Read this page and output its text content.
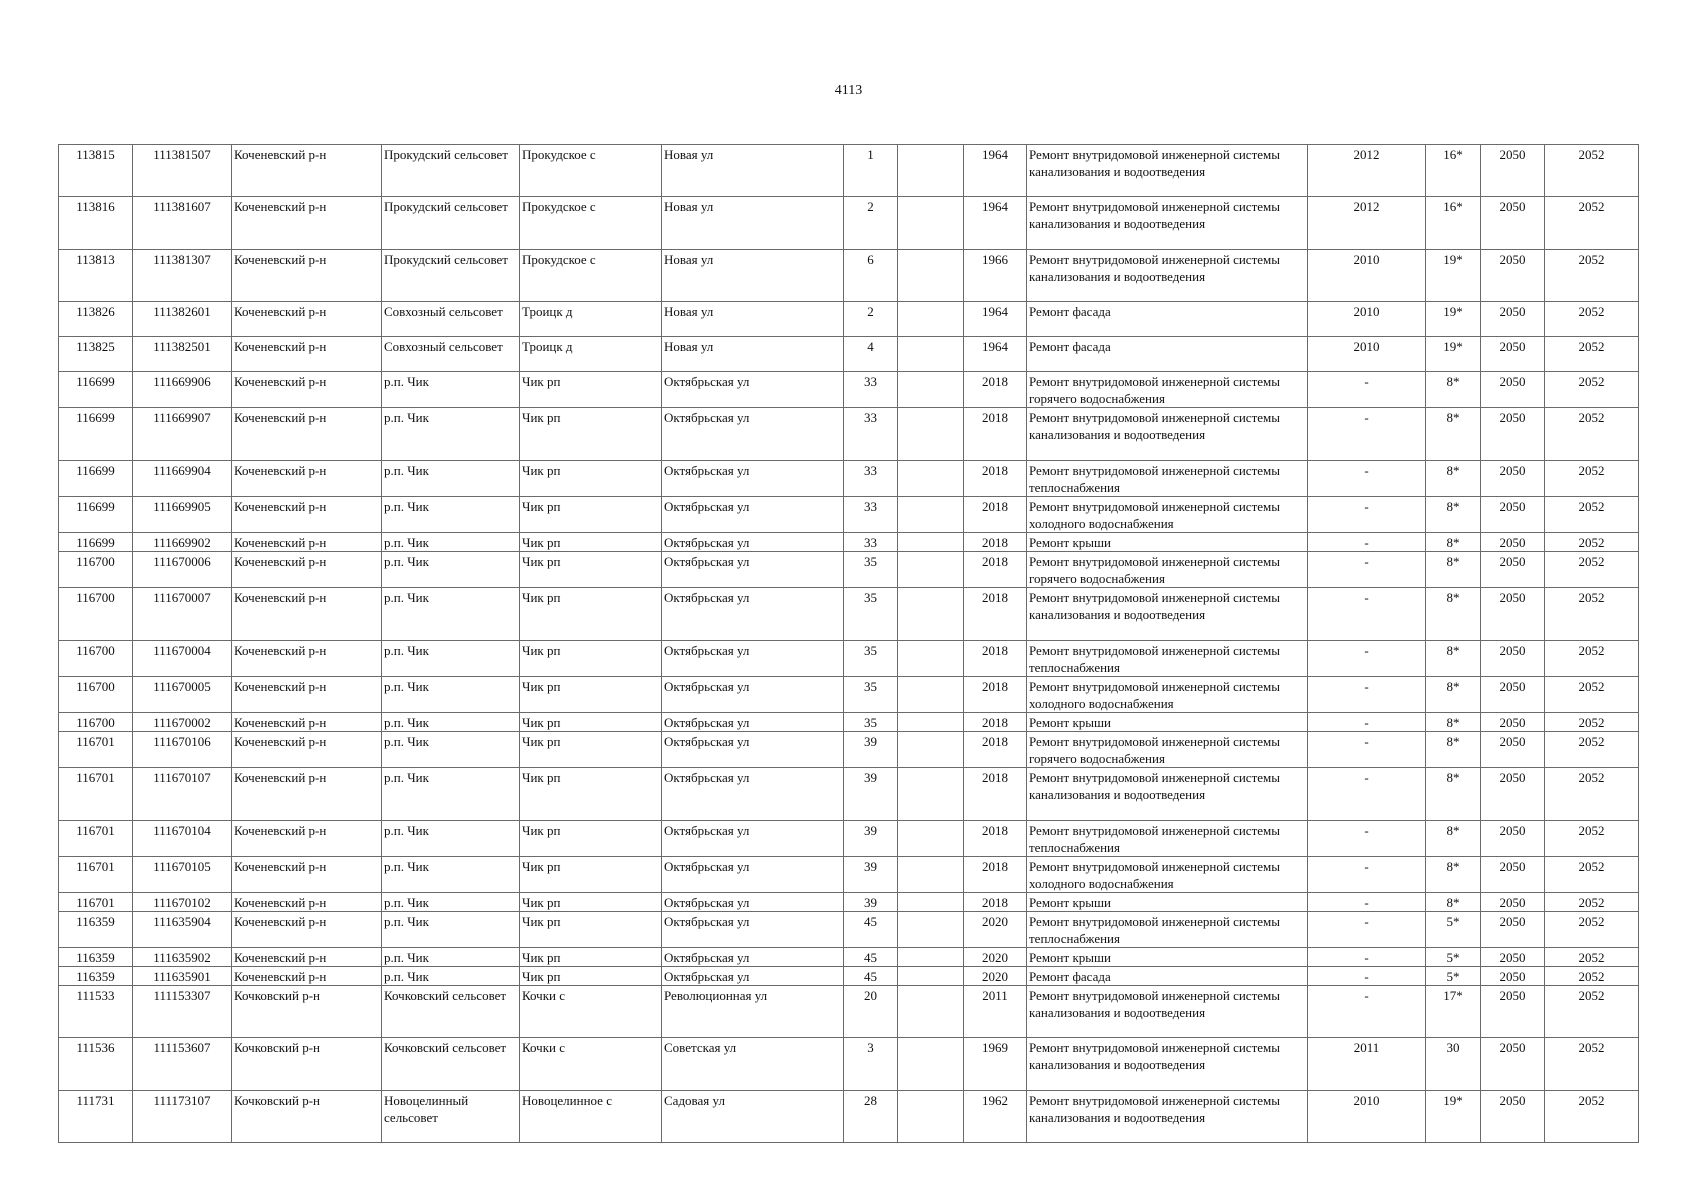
4113
113815	111381507	Коченевский р-н	Прокудский сельсовет	Прокудское с	Новая ул	1		1964	Ремонт внутридомовой инженерной системы канализования и водоотведения	2012	16*	2050	2052
113816	111381607	Коченевский р-н	Прокудский сельсовет	Прокудское с	Новая ул	2		1964	Ремонт внутридомовой инженерной системы канализования и водоотведения	2012	16*	2050	2052
113813	111381307	Коченевский р-н	Прокудский сельсовет	Прокудское с	Новая ул	6		1966	Ремонт внутридомовой инженерной системы канализования и водоотведения	2010	19*	2050	2052
113826	111382601	Коченевский р-н	Совхозный сельсовет	Троицк д	Новая ул	2		1964	Ремонт фасада	2010	19*	2050	2052
113825	111382501	Коченевский р-н	Совхозный сельсовет	Троицк д	Новая ул	4		1964	Ремонт фасада	2010	19*	2050	2052
116699	111669906	Коченевский р-н	р.п. Чик	Чик рп	Октябрьская ул	33		2018	Ремонт внутридомовой инженерной системы горячего водоснабжения	-	8*	2050	2052
116699	111669907	Коченевский р-н	р.п. Чик	Чик рп	Октябрьская ул	33		2018	Ремонт внутридомовой инженерной системы канализования и водоотведения	-	8*	2050	2052
116699	111669904	Коченевский р-н	р.п. Чик	Чик рп	Октябрьская ул	33		2018	Ремонт внутридомовой инженерной системы теплоснабжения	-	8*	2050	2052
116699	111669905	Коченевский р-н	р.п. Чик	Чик рп	Октябрьская ул	33		2018	Ремонт внутридомовой инженерной системы холодного водоснабжения	-	8*	2050	2052
116699	111669902	Коченевский р-н	р.п. Чик	Чик рп	Октябрьская ул	33		2018	Ремонт крыши	-	8*	2050	2052
116700	111670006	Коченевский р-н	р.п. Чик	Чик рп	Октябрьская ул	35		2018	Ремонт внутридомовой инженерной системы горячего водоснабжения	-	8*	2050	2052
116700	111670007	Коченевский р-н	р.п. Чик	Чик рп	Октябрьская ул	35		2018	Ремонт внутридомовой инженерной системы канализования и водоотведения	-	8*	2050	2052
116700	111670004	Коченевский р-н	р.п. Чик	Чик рп	Октябрьская ул	35		2018	Ремонт внутридомовой инженерной системы теплоснабжения	-	8*	2050	2052
116700	111670005	Коченевский р-н	р.п. Чик	Чик рп	Октябрьская ул	35		2018	Ремонт внутридомовой инженерной системы холодного водоснабжения	-	8*	2050	2052
116700	111670002	Коченевский р-н	р.п. Чик	Чик рп	Октябрьская ул	35		2018	Ремонт крыши	-	8*	2050	2052
116701	111670106	Коченевский р-н	р.п. Чик	Чик рп	Октябрьская ул	39		2018	Ремонт внутридомовой инженерной системы горячего водоснабжения	-	8*	2050	2052
116701	111670107	Коченевский р-н	р.п. Чик	Чик рп	Октябрьская ул	39		2018	Ремонт внутридомовой инженерной системы канализования и водоотведения	-	8*	2050	2052
116701	111670104	Коченевский р-н	р.п. Чик	Чик рп	Октябрьская ул	39		2018	Ремонт внутридомовой инженерной системы теплоснабжения	-	8*	2050	2052
116701	111670105	Коченевский р-н	р.п. Чик	Чик рп	Октябрьская ул	39		2018	Ремонт внутридомовой инженерной системы холодного водоснабжения	-	8*	2050	2052
116701	111670102	Коченевский р-н	р.п. Чик	Чик рп	Октябрьская ул	39		2018	Ремонт крыши	-	8*	2050	2052
116359	111635904	Коченевский р-н	р.п. Чик	Чик рп	Октябрьская ул	45		2020	Ремонт внутридомовой инженерной системы теплоснабжения	-	5*	2050	2052
116359	111635902	Коченевский р-н	р.п. Чик	Чик рп	Октябрьская ул	45		2020	Ремонт крыши	-	5*	2050	2052
116359	111635901	Коченевский р-н	р.п. Чик	Чик рп	Октябрьская ул	45		2020	Ремонт фасада	-	5*	2050	2052
111533	111153307	Кочковский р-н	Кочковский сельсовет	Кочки с	Революционная ул	20		2011	Ремонт внутридомовой инженерной системы канализования и водоотведения	-	17*	2050	2052
111536	111153607	Кочковский р-н	Кочковский сельсовет	Кочки с	Советская ул	3		1969	Ремонт внутридомовой инженерной системы канализования и водоотведения	2011	30	2050	2052
111731	111173107	Кочковский р-н	Новоцелинный сельсовет	Новоцелинное с	Садовая ул	28		1962	Ремонт внутридомовой инженерной системы канализования и водоотведения	2010	19*	2050	2052
